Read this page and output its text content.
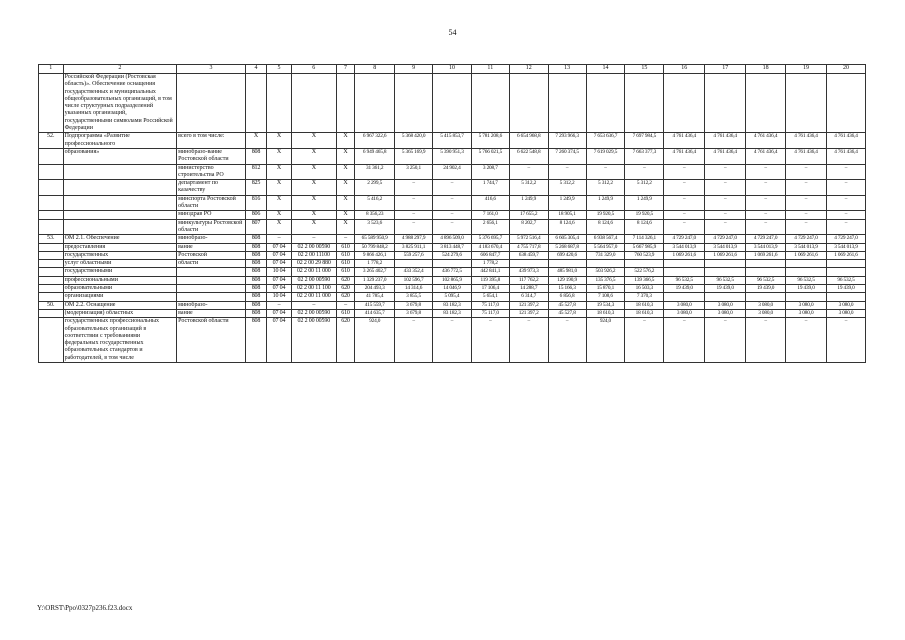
54
1	2	3	4	5	6	7	8	9	10	11	12	13	14	15	16	17	18	19	20
	Российской Федерации (Ростовская область)». Обеспечение оснащения государственных и муниципальных общеобразовательных организаций, в том числе структурных подразделений указанных организаций, государственными символами Российской Федерации																		
52.	Подпрограмма «Развитие профессионального	всего в том числе:	X	X	X	X	6 967 322,6	5 368 420,0	5 415 853,7	5 781 208,6	6 654 968,8	7 293 966,3	7 653 636,7	7 697 984,5	4 761 436,4	4 761 436,4	4 761 436,4	4 761 436,4	4 761 436,4
	образования»	минобразо-вание Ростовской области	808	X	X	X	6 949 465,8	5 365 169,9	5 390 951,3	5 766 021,5	6 622 548,8	7 260 374,5	7 619 029,5	7 663 377,3	4 761 436,4	4 761 436,4	4 761 436,4	4 761 436,4	4 761 436,4
		министерство строительства РО	812	X	X	X	31 361,2	3 250,1	24 902,4	3 208,7	–	–	–	–	–	–	–	–	–
		департамент по казачеству	825	X	X	X	2 299,5	–	–	1 744,7	5 312,2	5 312,2	5 312,2	5 312,2	–	–	–	–	–
		минспорта Ростовской области	816	X	X	X	5 416,2	–	–	416,6	1 249,9	1 249,9	1 249,9	1 249,9	–	–	–	–	–
		минздрав РО	806	X	X	X	8 356,23	–	–	7 161,0	17 655,2	18 905,1	19 920,5	19 920,5	–	–	–	–	–
		минкультуры Ростовской области	807	X	X	X	3 523,6	–	–	2 656,1	8 202,7	8 124,6	8 124,6	8 124,6	–	–	–	–	–
53.	ОМ 2.1. Обеспечение	минобразо-	808	–	–	–	65 589 950,9	4 988 297,9	4 896 509,0	5 376 695,7	5 972 516,4	6 605 305,4	6 938 567,4	7 114 326,1	4 729 247,0	4 729 247,0	4 729 247,0	4 729 247,0	4 729 247,0
	предоставления	вание	808	07 04	02 2 00 00590	610	50 799 848,2	3 825 911,1	3 813 448,7	4 183 670,4	4 755 717,8	5 268 687,8	5 564 957,0	5 667 985,9	3 544 013,9	3 544 013,9	3 544 013,9	3 544 013,9	3 544 013,9
	государственных	Ростовской	808	07 04	02 2 00 11100	610	9 866 426,1	559 257,6	524 279,6	606 847,7	638 459,7	699 420,6	731 329,0	760 523,9	1 069 261,6	1 069 261,6	1 069 261,6	1 069 261,6	1 069 261,6
	услуг областными	области	808	07 04	02 2 00 29 880	610	1 778,2			1 778,2									
	государственными		808	10 04	02 2 00 11 000	610	3 265 402,7	433 352,4	436 772,5	442 841,1	439 973,3	485 981,0	503 926,2	522 576,2					
	профессиональными		808	07 04	02 2 00 00590	620	1 329 237,0	102 596,7	102 865,9	119 395,8	117 762,2	129 190,9	135 376,5	139 366,5	96 532,5	96 532,5	96 532,5	96 532,5	96 532,5
	образовательными		808	07 04	02 2 00 11 100	620	204 493,3	14 314,6	14 046,9	17 106,4	14 288,7	15 166,3	15 870,1	16 503,3	19 439,0	19 439,0	19 439,0	19 439,0	19 439,0
	организациями		808	10 04	02 2 00 11 000	620	41 785,4	3 855,5	5 095,4	5 654,1	6 314,7	6 856,8	7 108,6	7 370,3					
50.	ОМ 2.2. Оснащение	минобразо-	808	–	–	–	415 559,7	3 679,8	83 182,3	75 117,0	121 397,2	45 527,8	19 534,3	18 610,3	3 080,0	3 080,0	3 080,0	3 080,0	3 080,0
	(модернизация) областных	вание	808	07 04	02 2 00 00590	610	414 635,7	3 679,8	83 182,3	75 117,0	121 397,2	45 527,8	18 610,3	18 610,3	3 080,0	3 080,0	3 080,0	3 080,0	3 080,0
	государственных профессиональных образовательных организаций в соответствии с требованиями федеральных государственных образовательных стандартов и работодателей, в том числе	Ростовской области	808	07 04	02 2 00 00590	620	924,0	–	–	–	–	–	924,0	–	–	–	–	–	–
Y:\ORST\Ppo\0327p236.f23.docx
